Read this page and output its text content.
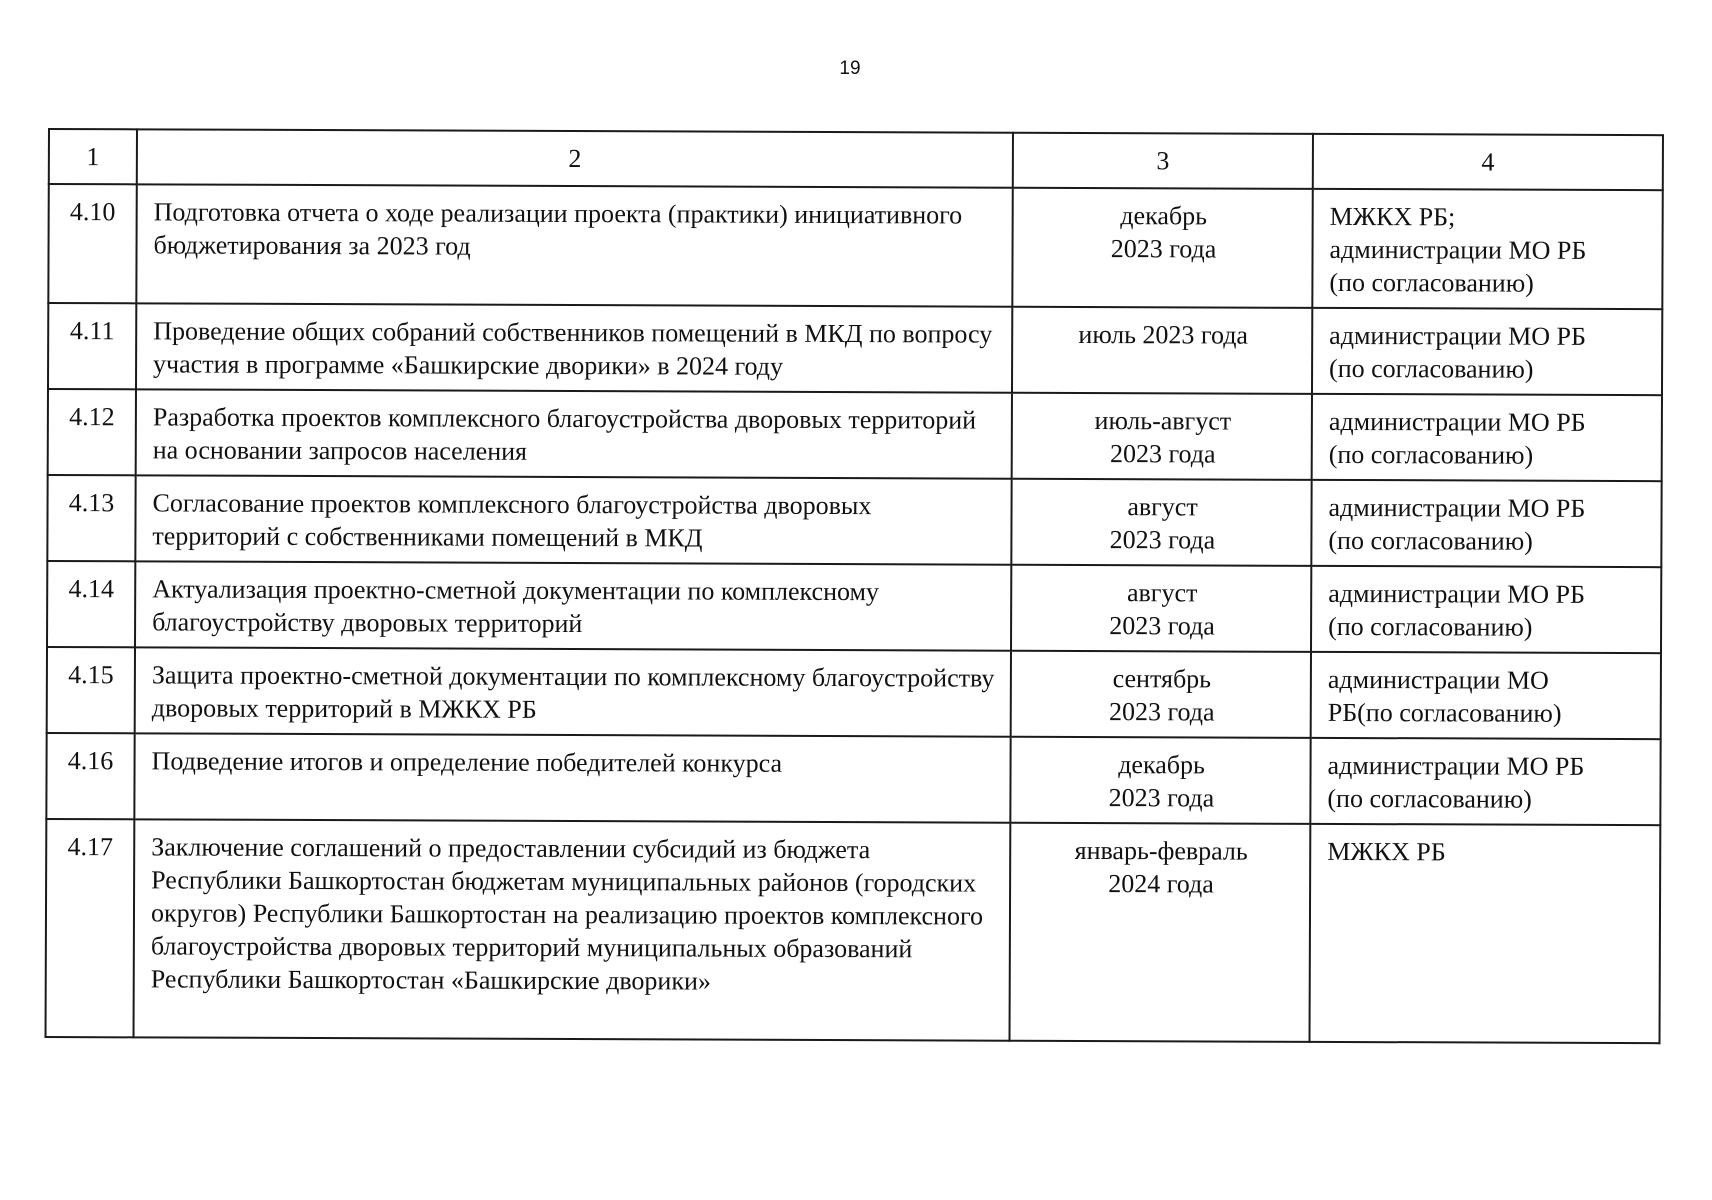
19
1	2	3	4
4.10	Подготовка отчета о ходе реализации проекта (практики) инициативного бюджетирования за 2023 год	декабрь
2023 года	МЖКХ РБ;
администрации МО РБ
(по согласованию)

4.11	Проведение общих собраний собственников помещений в МКД по вопросу участия в программе «Башкирские дворики» в 2024 году	июль 2023 года	администрации МО РБ
(по согласованию)

4.12	Разработка проектов комплексного благоустройства дворовых территорий на основании запросов населения	июль-август
2023 года	администрации МО РБ
(по согласованию)

4.13	Согласование проектов комплексного благоустройства дворовых территорий с собственниками помещений в МКД	август
2023 года	администрации МО РБ
(по согласованию)

4.14	Актуализация проектно-сметной документации по комплексному благоустройству дворовых территорий	август
2023 года	администрации МО РБ
(по согласованию)

4.15	Защита проектно-сметной документации по комплексному благоустройству дворовых территорий в МЖКХ РБ	сентябрь
2023 года	администрации МО
РБ(по согласованию)

4.16	Подведение итогов и определение победителей конкурса	декабрь
2023 года	администрации МО РБ
(по согласованию)

4.17	Заключение соглашений о предоставлении субсидий из бюджета Республики Башкортостан бюджетам муниципальных районов (городских округов) Республики Башкортостан на реализацию проектов комплексного благоустройства дворовых территорий муниципальных образований Республики Башкортостан «Башкирские дворики»	январь-февраль
2024 года	МЖКХ РБ
